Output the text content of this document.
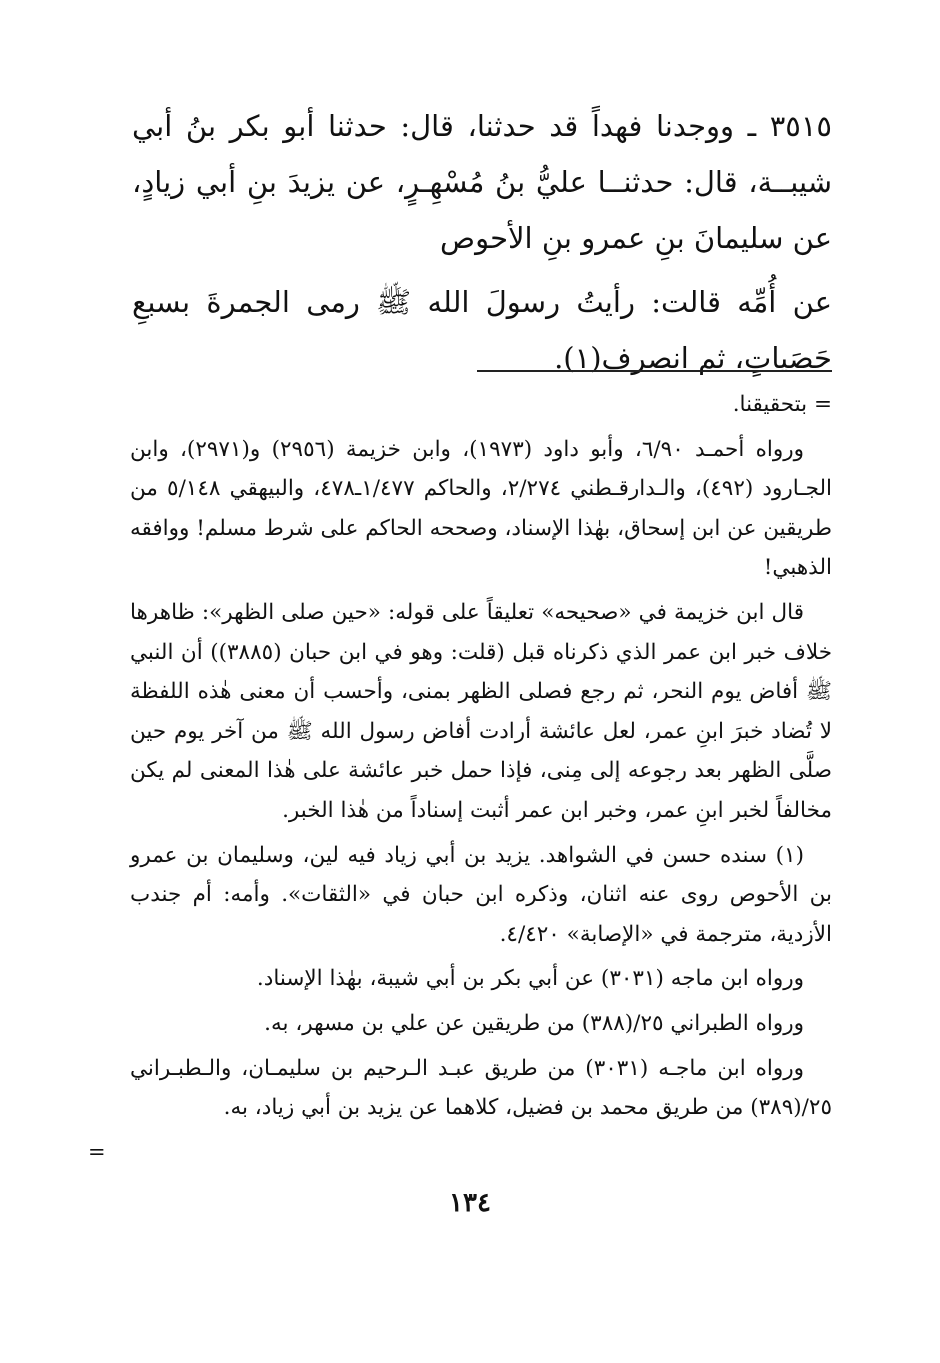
٣٥١٥ ـ ووجدنا فهداً قد حدثنا، قال: حدثنا أبو بكر بنُ أبي شيبــة، قال: حدثنــا عليُّ بنُ مُسْهِـرٍ، عن يزيدَ بنِ أبي زيادٍ، عن سليمانَ بنِ عمرو بنِ الأحوص

عن أُمِّه قالت: رأيتُ رسولَ الله ﷺ رمى الجمرةَ بسبعِ حَصَياتٍ، ثم انصرف(١).

= بتحقيقنا.

ورواه أحمـد ٦/٩٠، وأبو داود (١٩٧٣)، وابن خزيمة (٢٩٥٦) و(٢٩٧١)، وابن الجـارود (٤٩٢)، والـدارقـطني ٢/٢٧٤، والحاكم ١/٤٧٧ـ٤٧٨، والبيهقي ٥/١٤٨ من طريقين عن ابن إسحاق، بهٰذا الإسناد، وصححه الحاكم على شرط مسلم! ووافقه الذهبي!

قال ابن خزيمة في «صحيحه» تعليقاً على قوله: «حين صلى الظهر»: ظاهرها خلاف خبر ابن عمر الذي ذكرناه قبل (قلت: وهو في ابن حبان (٣٨٨٥)) أن النبي ﷺ أفاض يوم النحر، ثم رجع فصلى الظهر بمنى، وأحسب أن معنى هٰذه اللفظة لا تُضاد خبرَ ابنِ عمر، لعل عائشة أرادت أفاض رسول الله ﷺ من آخر يوم حين صلَّى الظهر بعد رجوعه إلى مِنى، فإذا حمل خبر عائشة على هٰذا المعنى لم يكن مخالفاً لخبر ابنِ عمر، وخبر ابن عمر أثبت إسناداً من هٰذا الخبر.

(١) سنده حسن في الشواهد. يزيد بن أبي زياد فيه لين، وسليمان بن عمرو بن الأحوص روى عنه اثنان، وذكره ابن حبان في «الثقات». وأمه: أم جندب الأزدية، مترجمة في «الإصابة» ٤/٤٢٠.

ورواه ابن ماجه (٣٠٣١) عن أبي بكر بن أبي شيبة، بهٰذا الإسناد.

ورواه الطبراني ٢٥/(٣٨٨) من طريقين عن علي بن مسهر، به.

ورواه ابن ماجـه (٣٠٣١) من طريق عبـد الـرحيم بن سليمـان، والـطبـراني ٢٥/(٣٨٩) من طريق محمد بن فضيل، كلاهما عن يزيد بن أبي زياد، به.

=
١٣٤
